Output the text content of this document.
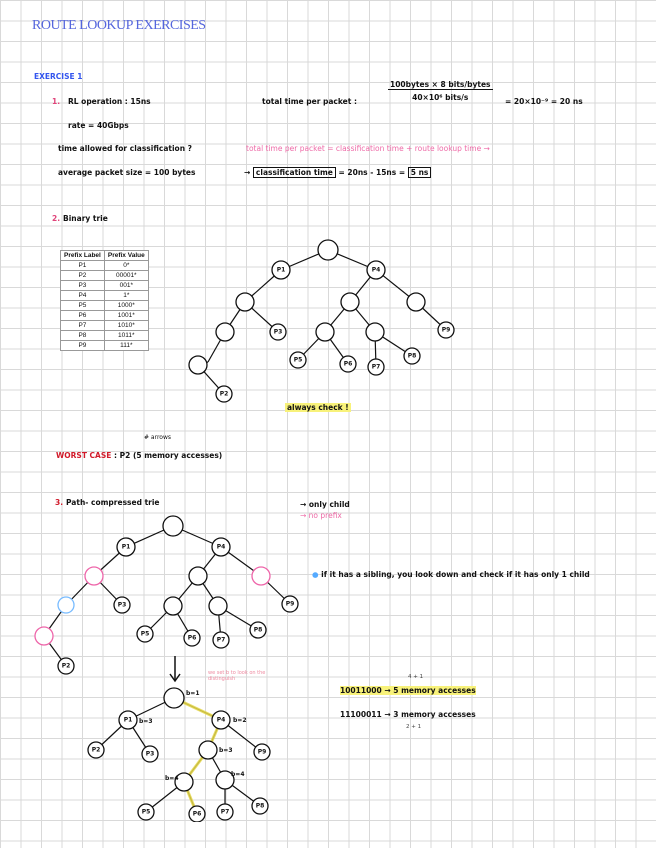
ROUTE LOOKUP EXERCISES
EXERCISE 1
1. RL operation : 15ns
rate = 40Gbps
time allowed for classification ?
average packet size = 100 bytes
total time per packet :	$\frac{\text{100bytes × 8 bits/bytes}}{\text{40×10⁶ bits/s}} = 20\times 10^{-9} = 20$ ns
total time per packet = classification time + route lookup time →
→ classification time = 20ns - 15ns = 5 ns
2. Binary trie
Prefix Label	Prefix Value
P1	0*
P2	00001*
P3	001*
P4	1*
P5	1000*
P6	1001*
P7	1010*
P8	1011*
P9	111*
P1	P4
P3
P2
P5
P6	P7
P8
P9
always check !
# arrows
WORST CASE : P2 (5 memory accesses)
3. Path- compressed trie	→ only child
→ no prefix
● if it has a sibling, you look down and check if it has only 1 child
P1	P4
P3
P2
P5
P6	P7
P8
P9
we set b to look on the distinguish
P1	P4
P2
P3	P9
P5	P6	P7
P8
b=1
b=3	b=2
b=3
b=4
b=4
4 + 1
10011000 → 5 memory accesses
11100011 → 3 memory accesses
2 + 1
